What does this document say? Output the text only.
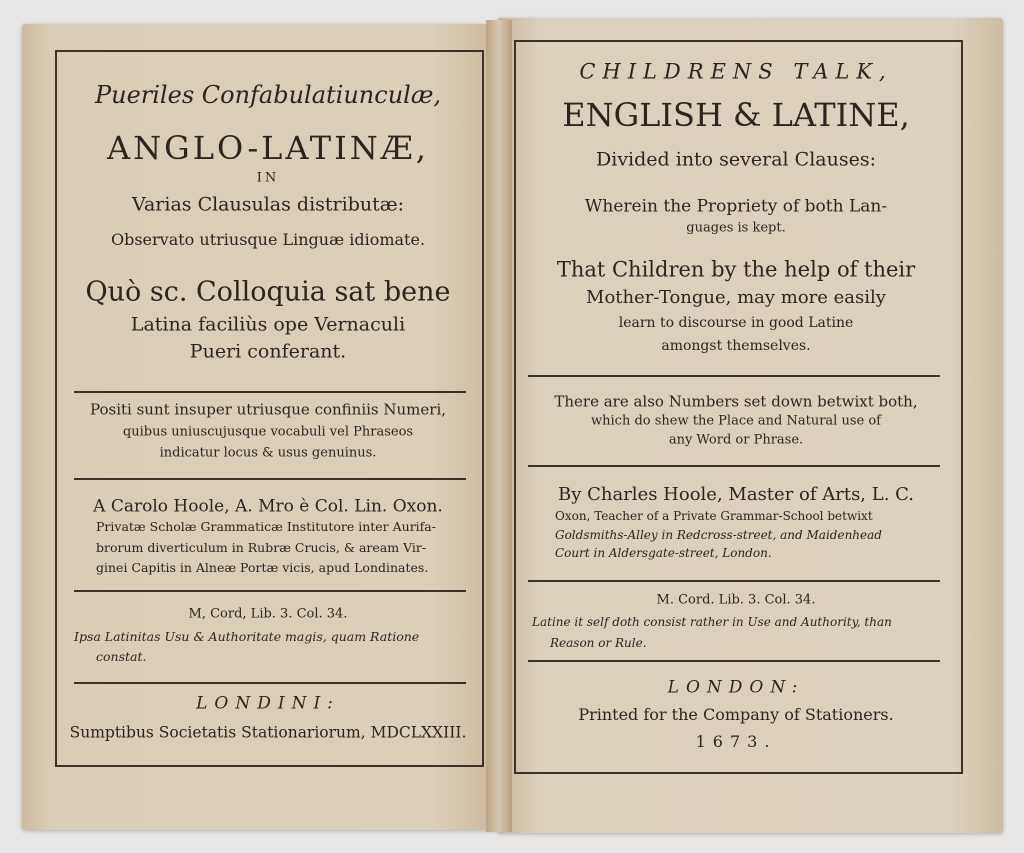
Pueriles Confabulatiunculæ,
ANGLO-LATINÆ,
IN
Varias Clausulas distributæ:
Observato utriusque Linguæ idiomate.
Quò sc. Colloquia sat bene
Latina faciliùs ope Vernaculi
Pueri conferant.
Positi sunt insuper utriusque confiniis Numeri,
quibus uniuscujusque vocabuli vel Phraseos
indicatur locus & usus genuinus.
A Carolo Hoole, A. Mro è Col. Lin. Oxon.
Privatæ Scholæ Grammaticæ Institutore inter Aurifa-
brorum diverticulum in Rubræ Crucis, & aream Vir-
ginei Capitis in Alneæ Portæ vicis, apud Londinates.
M, Cord, Lib. 3. Col. 34.
Ipsa Latinitas Usu & Authoritate magis, quam Ratione
constat.
LONDINI:
Sumptibus Societatis Stationariorum, MDCLXXIII.
CHILDRENS TALK,
ENGLISH & LATINE,
Divided into several Clauses:
Wherein the Propriety of both Lan-
guages is kept.
That Children by the help of their
Mother-Tongue, may more easily
learn to discourse in good Latine
amongst themselves.
There are also Numbers set down betwixt both,
which do shew the Place and Natural use of
any Word or Phrase.
By Charles Hoole, Master of Arts, L. C.
Oxon, Teacher of a Private Grammar-School betwixt
Goldsmiths-Alley in Redcross-street, and Maidenhead
Court in Aldersgate-street, London.
M. Cord. Lib. 3. Col. 34.
Latine it self doth consist rather in Use and Authority, than
Reason or Rule.
LONDON:
Printed for the Company of Stationers.
1673.
